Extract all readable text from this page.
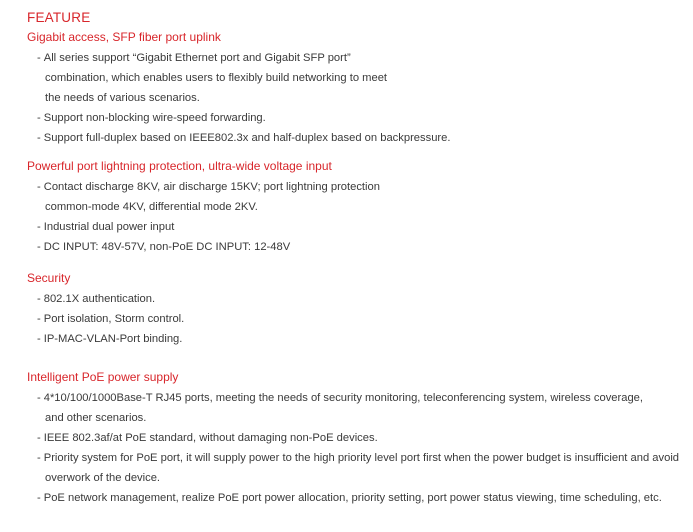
FEATURE
Gigabit access, SFP fiber port uplink
- All series support “Gigabit Ethernet port and Gigabit SFP port”
combination, which enables users to flexibly build networking to meet
the needs of various scenarios.
- Support non-blocking wire-speed forwarding.
- Support full-duplex based on IEEE802.3x and half-duplex based on backpressure.
Powerful port lightning protection, ultra-wide voltage input
- Contact discharge 8KV, air discharge 15KV; port lightning protection
common-mode 4KV, differential mode 2KV.
- Industrial dual power input
- DC INPUT: 48V-57V, non-PoE DC INPUT: 12-48V
Security
- 802.1X authentication.
- Port isolation, Storm control.
- IP-MAC-VLAN-Port binding.
Intelligent PoE power supply
- 4*10/100/1000Base-T RJ45 ports, meeting the needs of security monitoring, teleconferencing system, wireless coverage,
and other scenarios.
- IEEE 802.3af/at PoE standard, without damaging non-PoE devices.
- Priority system for PoE port, it will supply power to the high priority level port first when the power budget is insufficient and avoid
overwork of the device.
- PoE network management, realize PoE port power allocation, priority setting, port power status viewing, time scheduling, etc.
